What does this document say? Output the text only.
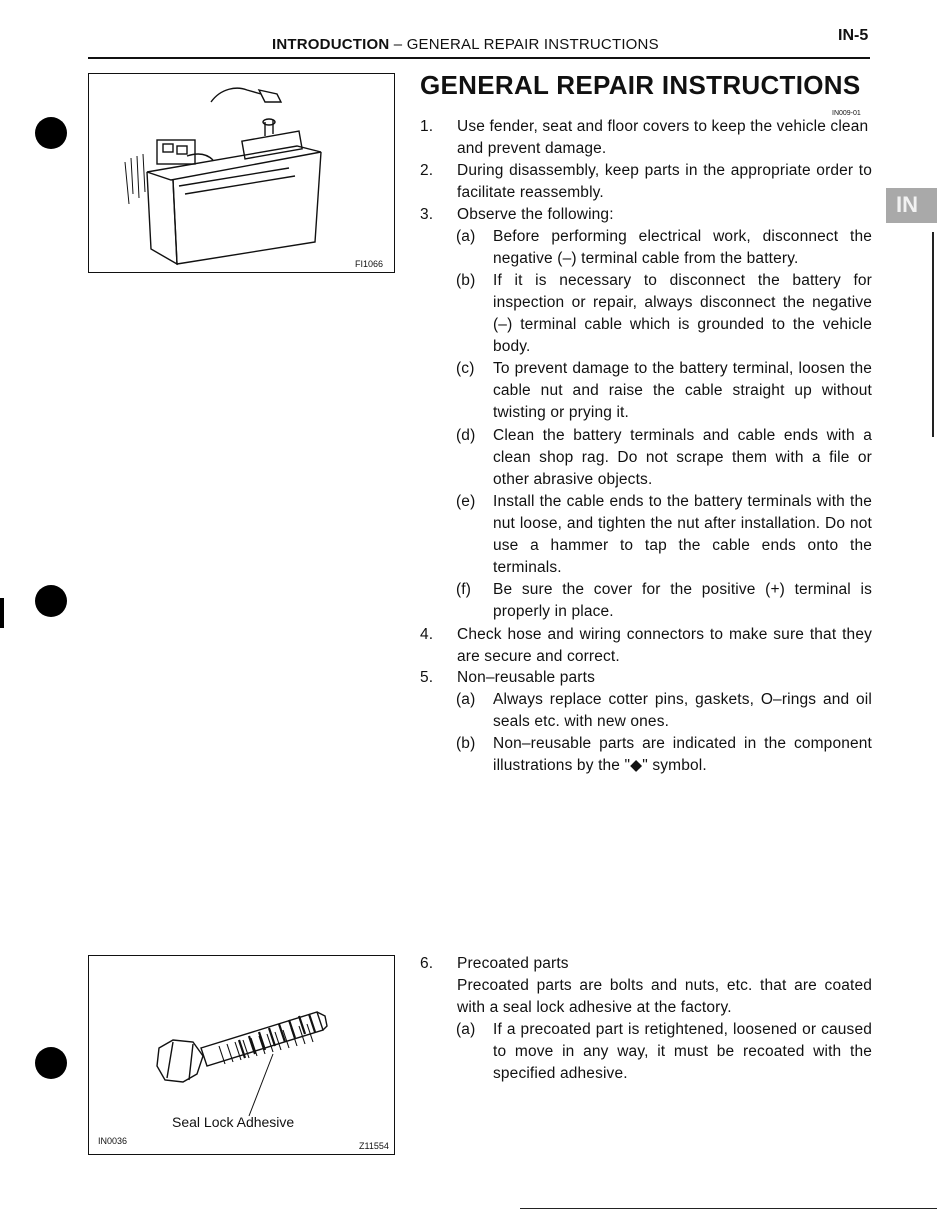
INTRODUCTION – GENERAL REPAIR INSTRUCTIONS
IN-5
IN
FI1066
Seal Lock Adhesive
IN0036	Z11554
GENERAL REPAIR INSTRUCTIONS
IN009-01
1.	Use fender, seat and floor covers to keep the vehicle clean and prevent damage.
2.	During disassembly, keep parts in the appropriate order to facilitate reassembly.
3.	Observe the following:
(a)	Before performing electrical work, disconnect the negative (–) terminal cable from the battery.
(b)	If it is necessary to disconnect the battery for inspection or repair, always disconnect the negative (–) terminal cable which is grounded to the vehicle body.
(c)	To prevent damage to the battery terminal, loosen the cable nut and raise the cable straight up without twisting or prying it.
(d)	Clean the battery terminals and cable ends with a clean shop rag. Do not scrape them with a file or other abrasive objects.
(e)	Install the cable ends to the battery terminals with the nut loose, and tighten the nut after installation. Do not use a hammer to tap the cable ends onto the terminals.
(f)	Be sure the cover for the positive (+) terminal is properly in place.
4.	Check hose and wiring connectors to make sure that they are secure and correct.
5.	Non–reusable parts
(a)	Always replace cotter pins, gaskets, O–rings and oil seals etc. with new ones.
(b)	Non–reusable parts are indicated in the component illustrations by the "◆" symbol.
6.	Precoated parts
Precoated parts are bolts and nuts, etc. that are coated with a seal lock adhesive at the factory.
(a)	If a precoated part is retightened, loosened or caused to move in any way, it must be recoated with the specified adhesive.
